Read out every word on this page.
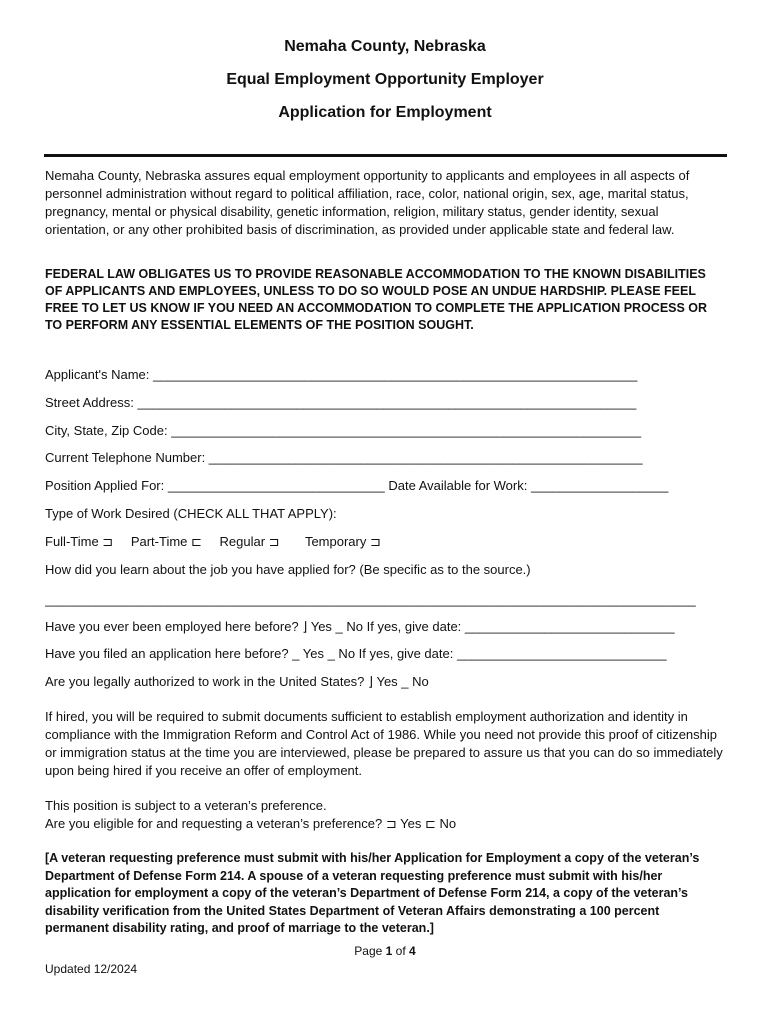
Nemaha County, Nebraska

Equal Employment Opportunity Employer

Application for Employment

Nemaha County, Nebraska assures equal employment opportunity to applicants and employees in all aspects of personnel administration without regard to political affiliation, race, color, national origin, sex, age, marital status, pregnancy, mental or physical disability, genetic information, religion, military status, gender identity, sexual orientation, or any other prohibited basis of discrimination, as provided under applicable state and federal law.

FEDERAL LAW OBLIGATES US TO PROVIDE REASONABLE ACCOMMODATION TO THE KNOWN DISABILITIES OF APPLICANTS AND EMPLOYEES, UNLESS TO DO SO WOULD POSE AN UNDUE HARDSHIP. PLEASE FEEL FREE TO LET US KNOW IF YOU NEED AN ACCOMMODATION TO COMPLETE THE APPLICATION PROCESS OR TO PERFORM ANY ESSENTIAL ELEMENTS OF THE POSITION SOUGHT.

Applicant's Name: ___________________________________________________________________
Street Address: _____________________________________________________________________
City, State, Zip Code: _________________________________________________________________
Current Telephone Number: ____________________________________________________________
Position Applied For: ______________________________ Date Available for Work: ___________________
Type of Work Desired (CHECK ALL THAT APPLY):
Full-Time ⊐ Part-Time ⊏ Regular ⊐ Temporary ⊐
How did you learn about the job you have applied for? (Be specific as to the source.)
__________________________________________________________________________________________
Have you ever been employed here before? ⌋ Yes _ No If yes, give date: _____________________________
Have you filed an application here before? _ Yes _ No If yes, give date: _____________________________
Are you legally authorized to work in the United States? ⌋ Yes _ No

If hired, you will be required to submit documents sufficient to establish employment authorization and identity in compliance with the Immigration Reform and Control Act of 1986. While you need not provide this proof of citizenship or immigration status at the time you are interviewed, please be prepared to assure us that you can do so immediately upon being hired if you receive an offer of employment.

This position is subject to a veteran’s preference.

Are you eligible for and requesting a veteran’s preference? ⊐ Yes ⊏ No

[A veteran requesting preference must submit with his/her Application for Employment a copy of the veteran’s Department of Defense Form 214. A spouse of a veteran requesting preference must submit with his/her application for employment a copy of the veteran’s Department of Defense Form 214, a copy of the veteran’s disability verification from the United States Department of Veteran Affairs demonstrating a 100 percent permanent disability rating, and proof of marriage to the veteran.]

Page 1 of 4
Updated 12/2024
